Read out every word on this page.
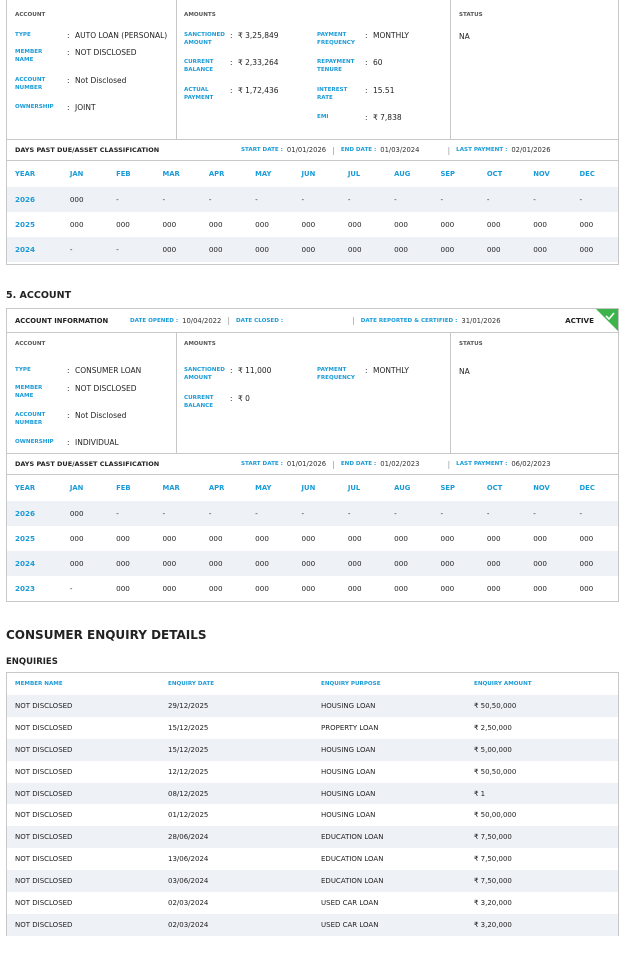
ACCOUNT
TYPE	: AUTO LOAN (PERSONAL)
MEMBER NAME
: NOT DISCLOSED
ACCOUNT NUMBER
: Not Disclosed
OWNERSHIP	: JOINT
AMOUNTS
SANCTIONED AMOUNT
: ₹ 3,25,849
CURRENT BALANCE
: ₹ 2,33,264
ACTUAL PAYMENT
: ₹ 1,72,436
PAYMENT FREQUENCY
: MONTHLY
REPAYMENT TENURE
: 60
INTEREST RATE
: 15.51
EMI	: ₹ 7,838
STATUS
NA
DAYS PAST DUE/ASSET CLASSIFICATION	START DATE : 01/01/2026 | END DATE : 01/03/2024	| LAST PAYMENT : 02/01/2026
YEAR	JAN	FEB	MAR	APR	MAY	JUN	JUL	AUG	SEP	OCT	NOV	DEC
2026	000	-	-	-	-	-	-	-	-	-	-	-
2025	000	000	000	000	000	000	000	000	000	000	000	000
2024	-	-	000	000	000	000	000	000	000	000	000	000
5. ACCOUNT
ACCOUNT INFORMATION	DATE OPENED : 10/04/2022 | DATE CLOSED :	| DATE REPORTED & CERTIFIED : 31/01/2026	ACTIVE
ACCOUNT
TYPE	: CONSUMER LOAN
MEMBER NAME
: NOT DISCLOSED
ACCOUNT NUMBER
: Not Disclosed
OWNERSHIP	: INDIVIDUAL
AMOUNTS
SANCTIONED AMOUNT
: ₹ 11,000
CURRENT BALANCE
: ₹ 0
PAYMENT FREQUENCY
: MONTHLY
STATUS
NA
DAYS PAST DUE/ASSET CLASSIFICATION	START DATE : 01/01/2026 | END DATE : 01/02/2023	| LAST PAYMENT : 06/02/2023
YEAR	JAN	FEB	MAR	APR	MAY	JUN	JUL	AUG	SEP	OCT	NOV	DEC
2026	000	-	-	-	-	-	-	-	-	-	-	-
2025	000	000	000	000	000	000	000	000	000	000	000	000
2024	000	000	000	000	000	000	000	000	000	000	000	000
2023	-	000	000	000	000	000	000	000	000	000	000	000
CONSUMER ENQUIRY DETAILS
ENQUIRIES
MEMBER NAME	ENQUIRY DATE	ENQUIRY PURPOSE	ENQUIRY AMOUNT
NOT DISCLOSED	29/12/2025	HOUSING LOAN	₹ 50,50,000
NOT DISCLOSED	15/12/2025	PROPERTY LOAN	₹ 2,50,000
NOT DISCLOSED	15/12/2025	HOUSING LOAN	₹ 5,00,000
NOT DISCLOSED	12/12/2025	HOUSING LOAN	₹ 50,50,000
NOT DISCLOSED	08/12/2025	HOUSING LOAN	₹ 1
NOT DISCLOSED	01/12/2025	HOUSING LOAN	₹ 50,00,000
NOT DISCLOSED	28/06/2024	EDUCATION LOAN	₹ 7,50,000
NOT DISCLOSED	13/06/2024	EDUCATION LOAN	₹ 7,50,000
NOT DISCLOSED	03/06/2024	EDUCATION LOAN	₹ 7,50,000
NOT DISCLOSED	02/03/2024	USED CAR LOAN	₹ 3,20,000
NOT DISCLOSED	02/03/2024	USED CAR LOAN	₹ 3,20,000
